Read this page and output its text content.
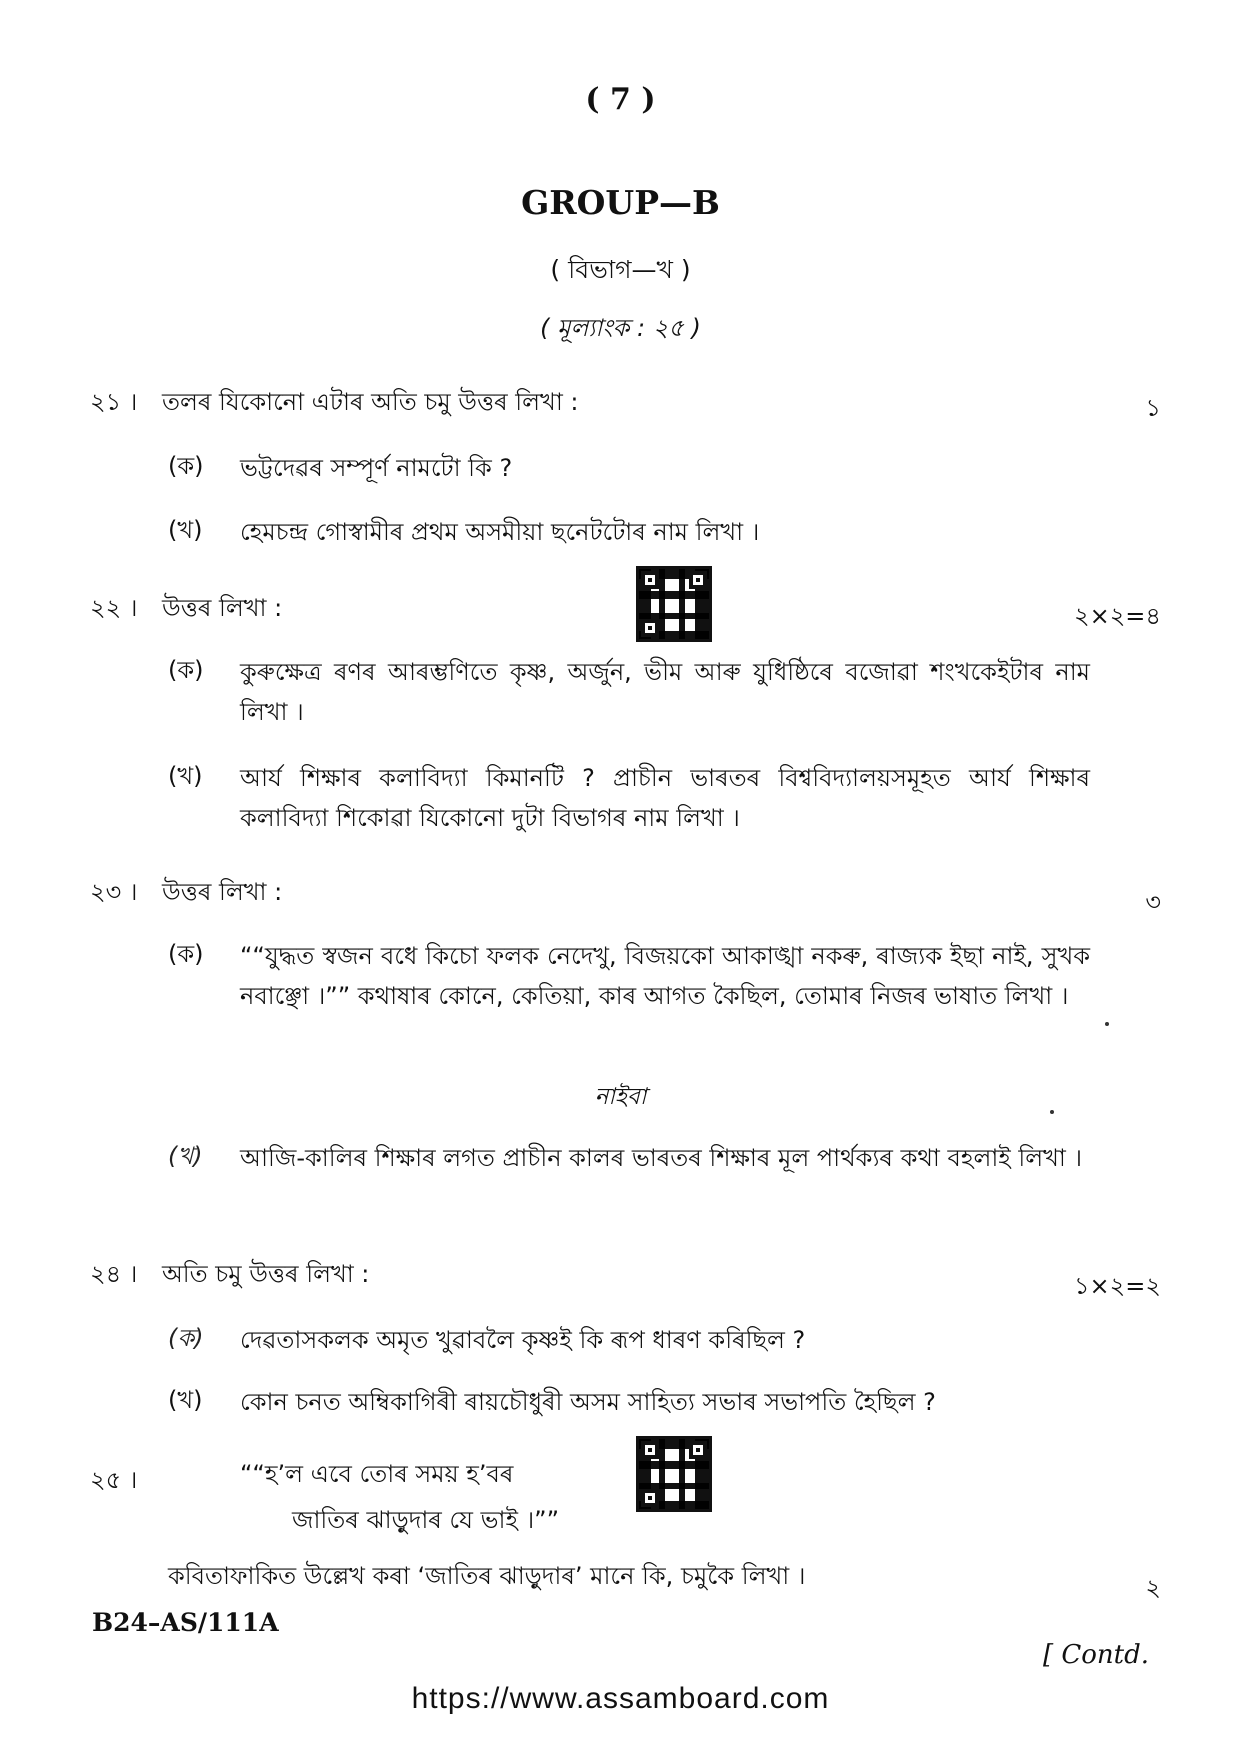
( 7 )
GROUP—B
( বিভাগ—খ )
( মূল্যাংক : ২৫ )
২১ । তলৰ যিকোনো এটাৰ অতি চমু উত্তৰ লিখা :	১
(ক) ভট্টদেৱৰ সম্পূৰ্ণ নামটো কি ?
(খ) হেমচন্দ্ৰ গোস্বামীৰ প্ৰথম অসমীয়া ছনেটটোৰ নাম লিখা ।
২২ । উত্তৰ লিখা :	২×২=৪
(ক) কুৰুক্ষেত্ৰ ৰণৰ আৰম্ভণিতে কৃষ্ণ, অৰ্জুন, ভীম আৰু যুধিষ্ঠিৰে বজোৱা শংখকেইটাৰ নাম লিখা ।
(খ) আৰ্য শিক্ষাৰ কলাবিদ্যা কিমানটি ? প্ৰাচীন ভাৰতৰ বিশ্ববিদ্যালয়সমূহত আৰ্য শিক্ষাৰ কলাবিদ্যা শিকোৱা যিকোনো দুটা বিভাগৰ নাম লিখা ।
২৩ । উত্তৰ লিখা :	৩
(ক) ““যুদ্ধত স্বজন বধে কিচো ফলক নেদেখু, বিজয়কো আকাঙ্খা নকৰু, ৰাজ্যক ইছা নাই, সুখক নবাঞ্ছো ।”” কথাষাৰ কোনে, কেতিয়া, কাৰ আগত কৈছিল, তোমাৰ নিজৰ ভাষাত লিখা ।
নাইবা
(খ) আজি-কালিৰ শিক্ষাৰ লগত প্ৰাচীন কালৰ ভাৰতৰ শিক্ষাৰ মূল পাৰ্থক্যৰ কথা বহলাই লিখা ।
২৪ । অতি চমু উত্তৰ লিখা :	১×২=২
(ক) দেৱতাসকলক অমৃত খুৱাবলৈ কৃষ্ণই কি ৰূপ ধাৰণ কৰিছিল ?
(খ) কোন চনত অম্বিকাগিৰী ৰায়চৌধুৰী অসম সাহিত্য সভাৰ সভাপতি হৈছিল ?
২৫ ।	““হ’ল এবে তোৰ সময় হ’বৰ
জাতিৰ ঝাড়ুদাৰ যে ভাই ।””
কবিতাফাকিত উল্লেখ কৰা ‘জাতিৰ ঝাড়ুদাৰ’ মানে কি, চমুকৈ লিখা ।	২
B24–AS/111A
[ Contd.
https://www.assamboard.com
